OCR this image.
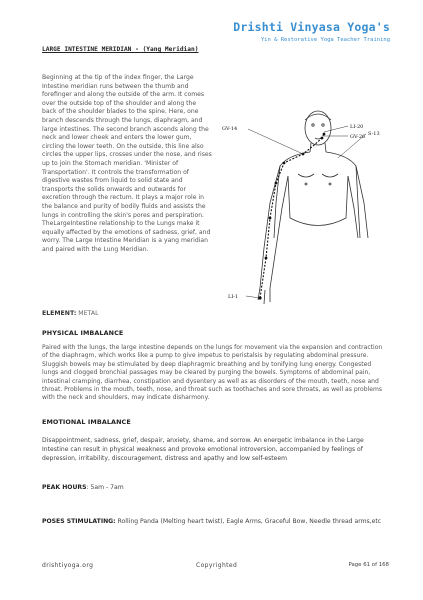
Drishti Vinyasa Yoga's
Yin & Restorative Yoga Teacher Training
LARGE INTESTINE MERIDIAN - (Yang Meridian)

Beginning at the tip of the index finger, the Large Intestine meridian runs between the thumb and forefinger and along the outside of the arm. It comes over the outside top of the shoulder and along the back of the shoulder blades to the spine. Here, one branch descends through the lungs, diaphragm, and large intestines. The second branch ascends along the neck and lower cheek and enters the lower gum, circling the lower teeth. On the outside, this line also circles the upper lips, crosses under the nose, and rises up to join the Stomach meridian. 'Minister of Transportation'. It controls the transformation of digestive wastes from liquid to solid state and transports the solids onwards and outwards for excretion through the rectum. It plays a major role in the balance and purity of bodily fluids and assists the lungs in controlling the skin's pores and perspiration. TheLargeIntestine relationship to the Lungs make it equally affected by the emotions of sadness, grief, and worry. The Large Intestine Meridian is a yang meridian and paired with the Lung Meridian.

LI-20
GV-26
GV-14
S-13
LI-1
ELEMENT: METAL
PHYSICAL IMBALANCE

Paired with the lungs, the large intestine depends on the lungs for movement via the expansion and contraction of the diaphragm, which works like a pump to give impetus to peristalsis by regulating abdominal pressure. Sluggish bowels may be stimulated by deep diaphragmic breathing and by tonifying lung energy. Congested lungs and clogged bronchial passages may be cleared by purging the bowels. Symptoms of abdominal pain, intestinal cramping, diarrhea, constipation and dysentery as well as as disorders of the mouth, teeth, nose and throat. Problems in the mouth, teeth, nose, and throat such as toothaches and sore throats, as well as problems with the neck and shoulders, may indicate disharmony.

EMOTIONAL IMBALANCE

Disappointment, sadness, grief, despair, anxiety, shame, and sorrow. An energetic imbalance in the Large Intestine can result in physical weakness and provoke emotional introversion, accompanied by feelings of depression, irritability, discouragement, distress and apathy and low self-esteem

PEAK HOURS: 5am - 7am
POSES STIMULATING: Rolling Panda (Melting heart twist), Eagle Arms, Graceful Bow, Needle thread arms,etc
drishtiyoga.org	Copyrighted	Page 61 of 168
